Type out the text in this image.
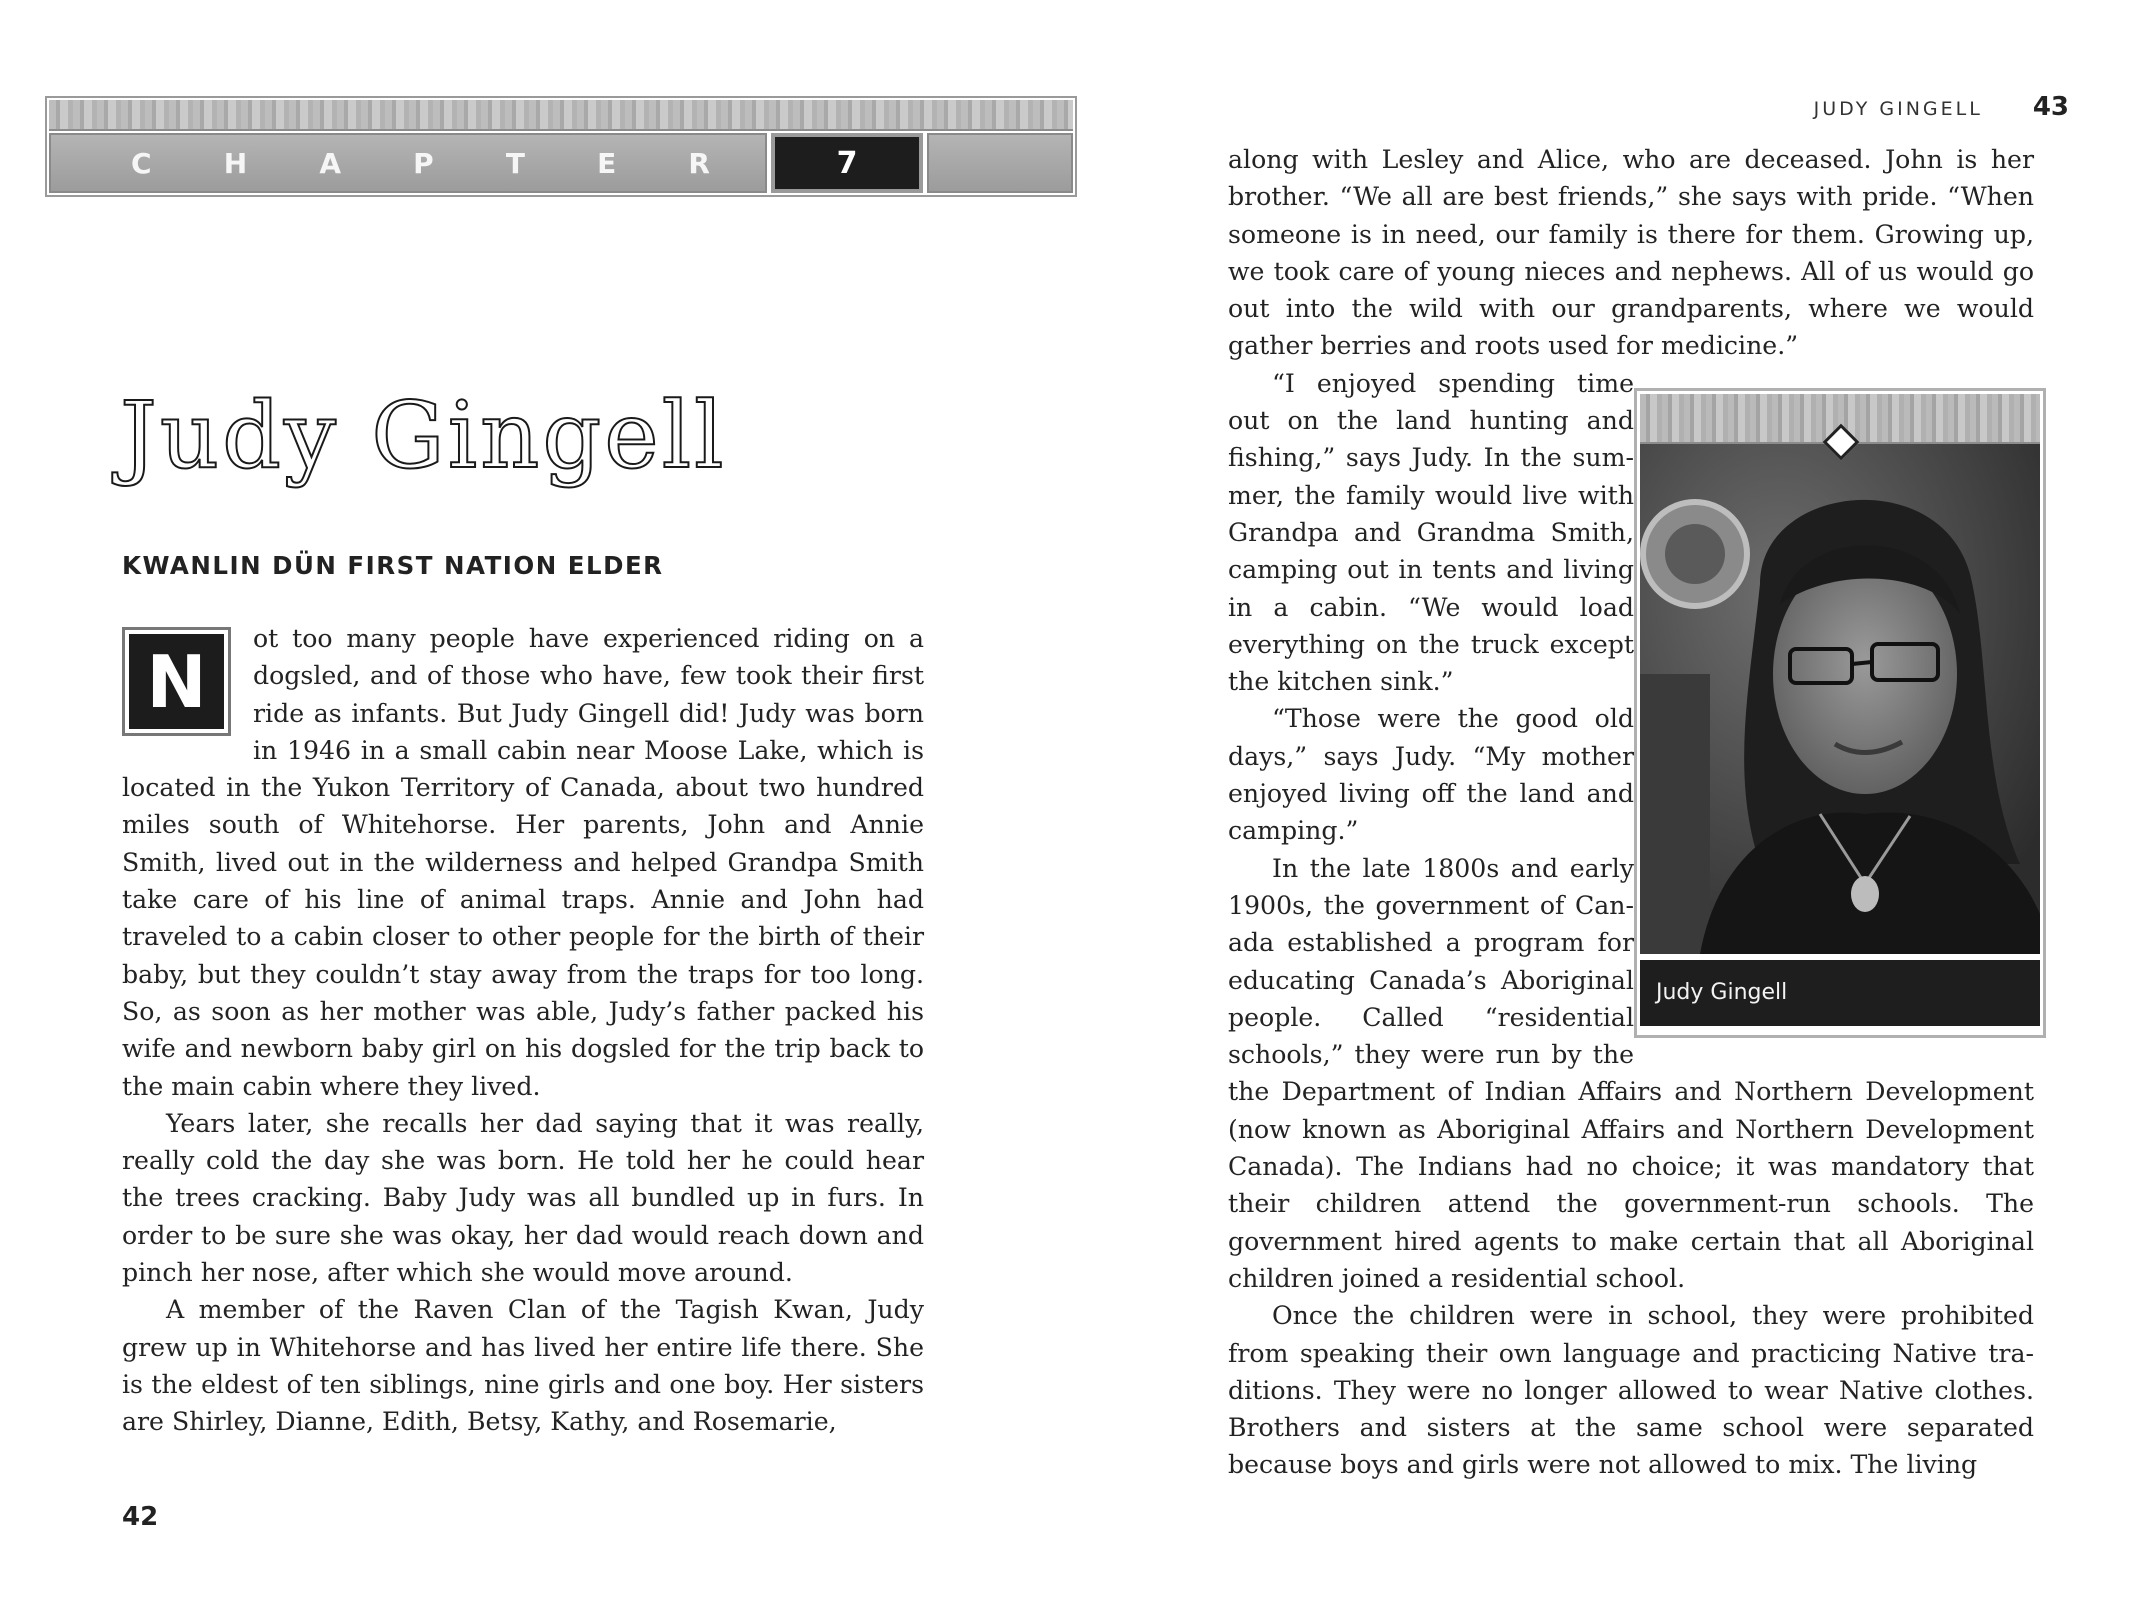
C	H	A	P	T	E	R	7
Judy Gingell
KWANLIN DÜN FIRST NATION ELDER
N

ot too many people have experienced riding on a dogsled, and of those who have, few took their first ride as infants. But Judy Gingell did! Judy was born in 1946 in a small cabin near Moose Lake, which is located in the Yukon Territory of Canada, about two hundred miles south of Whitehorse. Her parents, John and Annie Smith, lived out in the wilderness and helped Grandpa Smith take care of his line of animal traps. Annie and John had traveled to a cabin closer to other people for the birth of their baby, but they couldn’t stay away from the traps for too long. So, as soon as her mother was able, Judy’s father packed his wife and newborn baby girl on his dogsled for the trip back to the main cabin where they lived.

Years later, she recalls her dad saying that it was really, really cold the day she was born. He told her he could hear the trees cracking. Baby Judy was all bundled up in furs. In order to be sure she was okay, her dad would reach down and pinch her nose, after which she would move around.

A member of the Raven Clan of the Tagish Kwan, Judy grew up in Whitehorse and has lived her entire life there. She is the eldest of ten siblings, nine girls and one boy. Her sisters are Shirley, Dianne, Edith, Betsy, Kathy, and Rosemarie,

42
JUDY GINGELL 43

along with Lesley and Alice, who are deceased. John is her brother. “We all are best friends,” she says with pride. “When someone is in need, our family is there for them. Growing up, we took care of young nieces and nephews. All of us would go out into the wild with our grandparents, where we would gather berries and roots used for medicine.”

Judy Gingell

“I enjoyed spending time out on the land hunting and fishing,” says Judy. In the summer, the family would live with Grandpa and Grandma Smith, camping out in tents and living in a cabin. “We would load everything on the truck except the kitchen sink.”

“Those were the good old days,” says Judy. “My mother enjoyed living off the land and camping.”

In the late 1800s and early 1900s, the government of Canada established a program for educating Canada’s Aboriginal people. Called “residential schools,” they were run by the the Department of Indian Affairs and Northern Development (now known as Aboriginal Affairs and Northern Development Canada). The Indians had no choice; it was mandatory that their children attend the government-run schools. The government hired agents to make certain that all Aboriginal children joined a residential school.

Once the children were in school, they were prohibited from speaking their own language and practicing Native traditions. They were no longer allowed to wear Native clothes. Brothers and sisters at the same school were separated because boys and girls were not allowed to mix. The living
